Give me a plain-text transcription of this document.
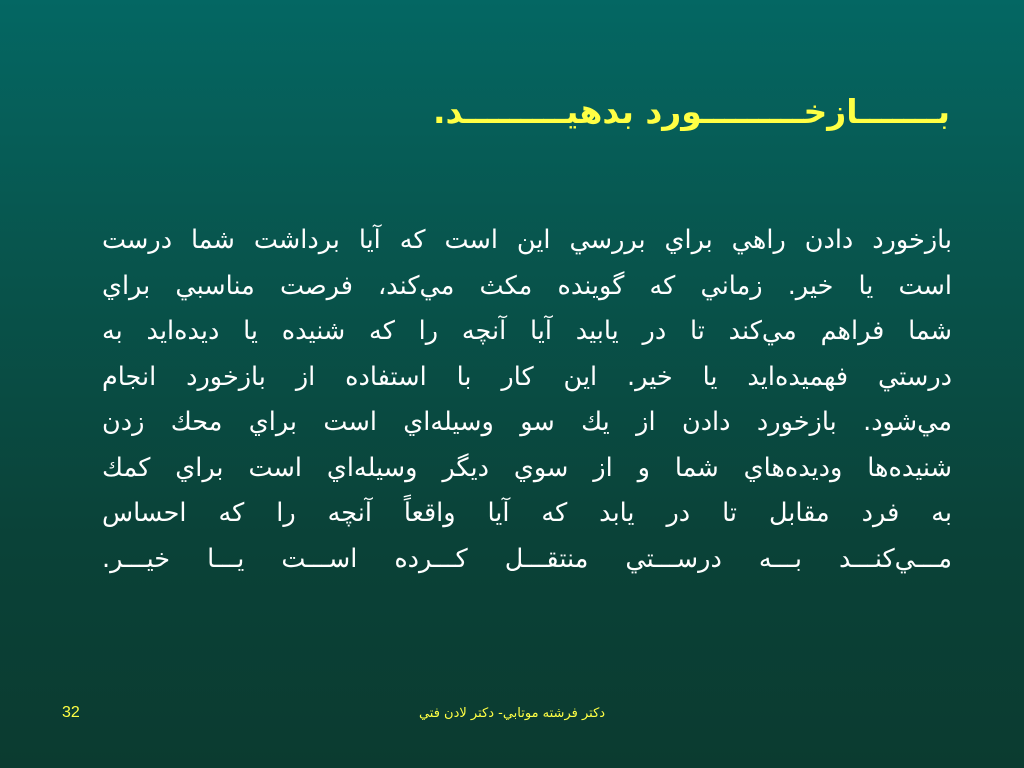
بـــــــازخـــــــــورد بدهيـــــــــد.
بازخورد دادن راهي براي بررسي اين است كه آيا برداشت شما درست
است يا خير. زماني كه گوينده مكث مي‌كند، فرصت مناسبي براي
شما فراهم مي‌كند تا در يابيد آيا آنچه را كه شنيده يا ديده‌ايد به
درستي فهميده‌ايد يا خير. اين كار با استفاده از بازخورد انجام
مي‌شود. بازخورد دادن از يك سو وسيله‌اي است براي محك زدن
شنيده‌ها وديده‌هاي شما و از سوي ديگر وسيله‌اي است براي كمك
به فرد مقابل تا در يابد كه آيا واقعاً آنچه را كه احساس
مـــي‌كنـــد بـــه درســـتي منتقـــل كـــرده اســـت يـــا خيـــر.
دكتر فرشته موتابي- دكتر لادن فتي
32
